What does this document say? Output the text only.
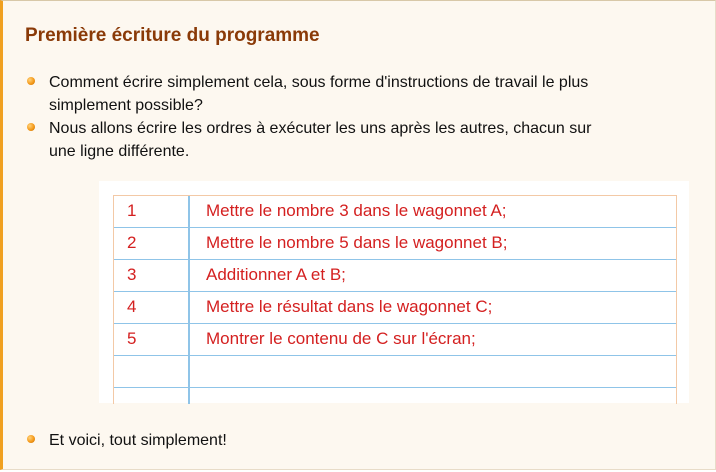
Première écriture du programme
Comment écrire simplement cela, sous forme d'instructions de travail le plus
simplement possible?
Nous allons écrire les ordres à exécuter les uns après les autres, chacun sur
une ligne différente.
1	Mettre le nombre 3 dans le wagonnet A;
2	Mettre le nombre 5 dans le wagonnet B;
3	Additionner A et B;
4	Mettre le résultat dans le wagonnet C;
5	Montrer le contenu de C sur l'écran;
Et voici, tout simplement!
